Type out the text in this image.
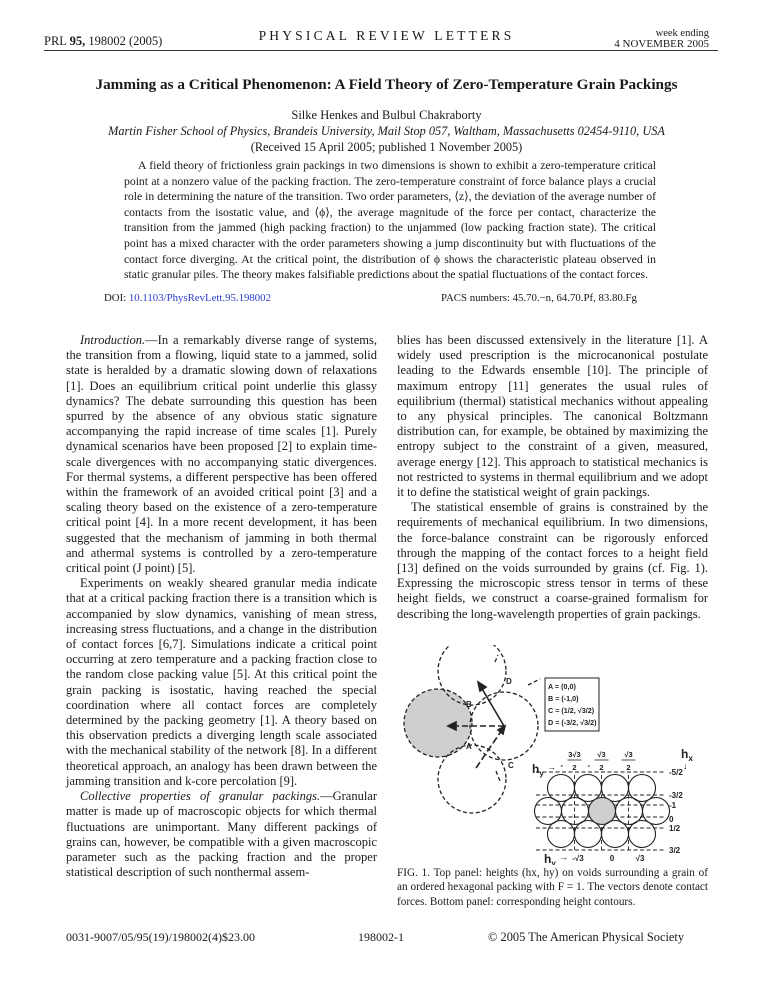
PRL 95, 198002 (2005)	PHYSICAL REVIEW LETTERS	week ending
4 NOVEMBER 2005
Jamming as a Critical Phenomenon: A Field Theory of Zero-Temperature Grain Packings
Silke Henkes and Bulbul Chakraborty
Martin Fisher School of Physics, Brandeis University, Mail Stop 057, Waltham, Massachusetts 02454-9110, USA
(Received 15 April 2005; published 1 November 2005)
A field theory of frictionless grain packings in two dimensions is shown to exhibit a zero-temperature critical point at a nonzero value of the packing fraction. The zero-temperature constraint of force balance plays a crucial role in determining the nature of the transition. Two order parameters, ⟨z⟩, the deviation of the average number of contacts from the isostatic value, and ⟨ϕ⟩, the average magnitude of the force per contact, characterize the transition from the jammed (high packing fraction) to the unjammed (low packing fraction state). The critical point has a mixed character with the order parameters showing a jump discontinuity but with fluctuations of the contact force diverging. At the critical point, the distribution of ϕ shows the characteristic plateau observed in static granular piles. The theory makes falsifiable predictions about the spatial fluctuations of the contact forces.
DOI: 10.1103/PhysRevLett.95.198002	PACS numbers: 45.70.−n, 64.70.Pf, 83.80.Fg

Introduction.—In a remarkably diverse range of systems, the transition from a flowing, liquid state to a jammed, solid state is heralded by a dramatic slowing down of relaxations [1]. Does an equilibrium critical point underlie this glassy dynamics? The debate surrounding this question has been spurred by the absence of any obvious static signature accompanying the rapid increase of time scales [1]. Purely dynamical scenarios have been proposed [2] to explain time-scale divergences with no accompanying static divergences. For thermal systems, a different perspective has been offered within the framework of an avoided critical point [3] and a scaling theory based on the existence of a zero-temperature critical point [4]. In a more recent development, it has been suggested that the mechanism of jamming in both thermal and athermal systems is controlled by a zero-temperature critical point (J point) [5].

Experiments on weakly sheared granular media indicate that at a critical packing fraction there is a transition which is accompanied by slow dynamics, vanishing of mean stress, increasing stress fluctuations, and a change in the distribution of contact forces [6,7]. Simulations indicate a critical point occurring at zero temperature and a packing fraction close to the random close packing value [5]. At this critical point the grain packing is isostatic, having reached the special coordination where all contact forces are completely determined by the packing geometry [1]. A theory based on this observation predicts a diverging length scale associated with the mechanical stability of the network [8]. In a different theoretical approach, an analogy has been drawn between the jamming transition and k-core percolation [9].

Collective properties of granular packings.—Granular matter is made up of macroscopic objects for which thermal fluctuations are unimportant. Many different packings of grains can, however, be compatible with a given macroscopic parameter such as the packing fraction and the proper statistical description of such nonthermal assem-

blies has been discussed extensively in the literature [1]. A widely used prescription is the microcanonical postulate leading to the Edwards ensemble [10]. The principle of maximum entropy [11] generates the usual rules of equilibrium (thermal) statistical mechanics without appealing to any physical principles. The canonical Boltzmann distribution can, for example, be obtained by maximizing the entropy subject to the constraint of a given, measured, average energy [12]. This approach to statistical mechanics is not restricted to systems in thermal equilibrium and we adopt it to define the statistical weight of grain packings.

The statistical ensemble of grains is constrained by the requirements of mechanical equilibrium. In two dimensions, the force-balance constraint can be rigorously enforced through the mapping of the contact forces to a height field [13] defined on the voids surrounded by grains (cf. Fig. 1). Expressing the microscopic stress tensor in terms of these height fields, we construct a coarse-grained formalism for describing the long-wavelength properties of grain packings.

A
B
C
D
A = (0,0)
B = (-1,0)
C = (1/2, √3/2)
D = (-3/2, √3/2)
$h_y$
→ -
3√3
2 -
√3
2
√3
2
$h_x$
↓
-5/2
-3/2
-1
0
1/2
3/2
$h_y$
→ -√3	0	√3
FIG. 1. Top panel: heights (hx, hy) on voids surrounding a grain of an ordered hexagonal packing with F = 1. The vectors denote contact forces. Bottom panel: corresponding height contours.
0031-9007/05/95(19)/198002(4)$23.00	198002-1	© 2005 The American Physical Society
